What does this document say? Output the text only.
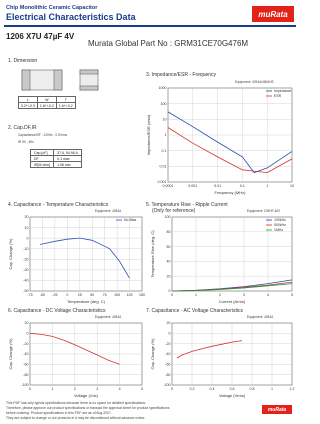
Chip Monolithic Ceramic Capacitor
Electrical Characteristics Data	muRata
1206 X7U 47µF 4V
Murata Global Part No : GRM31CE70G476M
1. Dimension
L	W	T
3.2+/-0.3	1.6+/-0.2	1.6+/-0.2
2. Cap.DF,IR
Capacitance/DF : 120Hz , 0.5Vrms
IR 5V , 60s
Cap.[uF]	37.6, 54.96 A
DF	0.1 max
IR[M ohm]	1.06 min
3. Impedance/ESR - Frequency
Equipment: 4294A/4804HS
4. Capacitance - Temperature Characteristics
Equipment: 4284A
5. Temperature Rise - Ripple Current
(Only for reference)	Equipment: CWHF-400
6. Capacitance - DC Voltage Characteristics
Equipment: 4284A
7. Capacitance - AC Voltage Characteristics
Equipment: 4284A
0.0001	0.001	0.01	0.1	1	10
1000
100
10
1
0.1
0.01
0.001
Frequency (MHz)
Impedance/ESR (ohm)
Impedance
ESR
-75 -50 -25 0	25 50 75 100 125 150
20
10
0
-10
-20
-30
-40
-50
Temperature (deg. C)
Cap. Change (%)
No Bias
0	1	2	3	4	5
100
80
60
40
20
0
Current (Arms)
Temperature Rise (deg. C)
100kHz
500kHz
1MHz
0	1	2	3	4	5
20
0
-20
-40
-60
-80
-100
Voltage (Vdc)
Cap. Change (%)
0	0.2	0.4	0.6	0.8	1	1.2
20
0
-20
-40
-60
-80
-100
Voltage (Vrms)
Cap. Change (%)
This PDF has only typical specifications because there is no space for detailed specifications.
Therefore, please approve our product specifications or transact the approval sheet for product specifications
before ordering. Product specifications in this PDF are as of Aug.2007.
They are subject to change or our products in it may be discontinued without advance notice.
muRata
